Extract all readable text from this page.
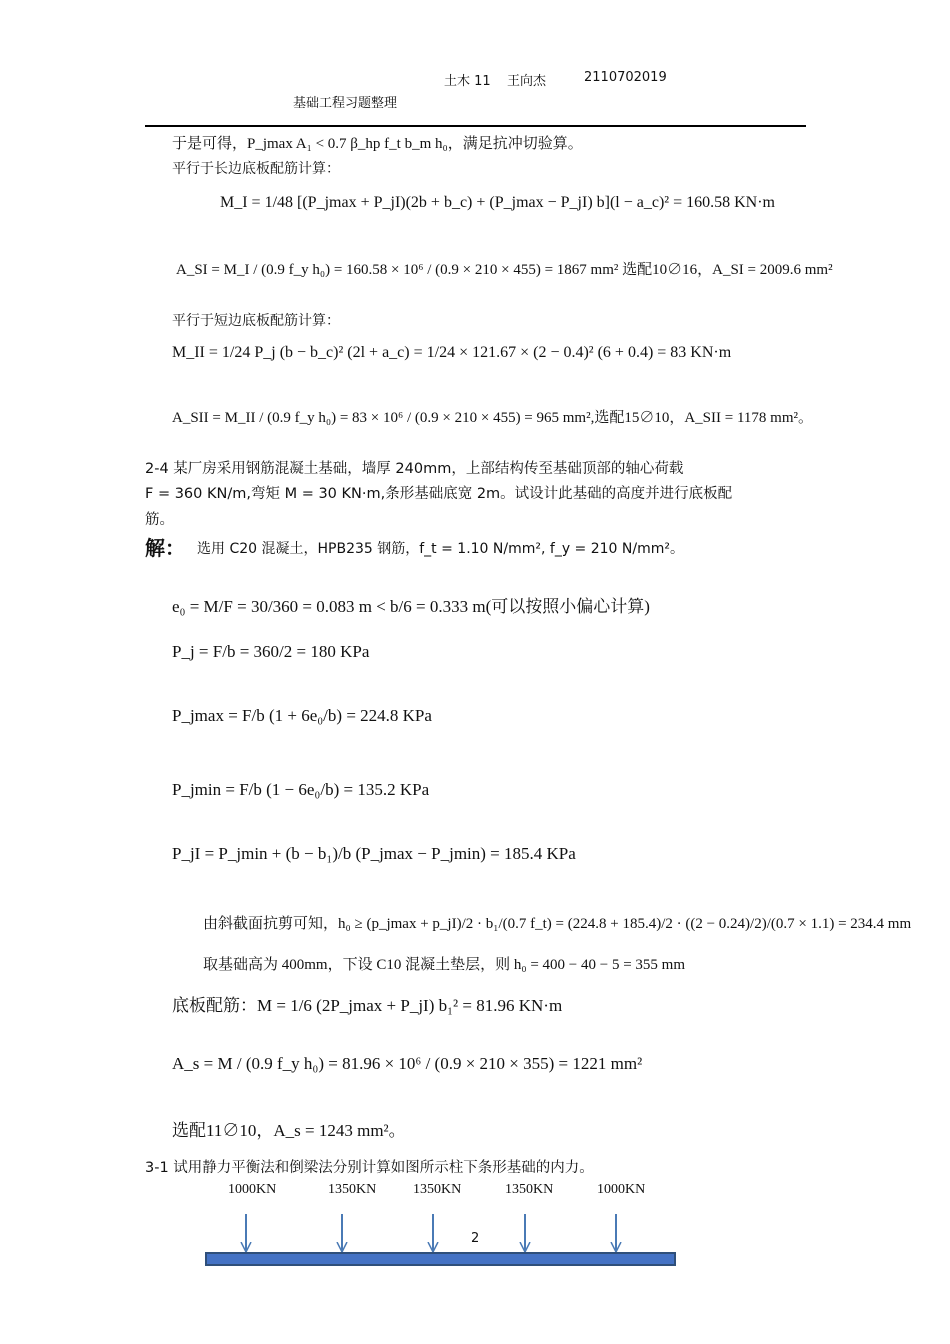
土木 11 王向杰	2110702019
基础工程习题整理
于是可得，P_jmax A₁ < 0.7 β_hp f_t b_m h₀，满足抗冲切验算。
平行于长边底板配筋计算：
M_I = 1/48 [(P_jmax + P_jI)(2b + b_c) + (P_jmax − P_jI) b](l − a_c)² = 160.58 KN·m
A_SI = M_I / (0.9 f_y h₀) = 160.58 × 10⁶ / (0.9 × 210 × 455) = 1867 mm² 选配10∅16，A_SI = 2009.6 mm²
平行于短边底板配筋计算：
M_II = 1/24 P_j (b − b_c)² (2l + a_c) = 1/24 × 121.67 × (2 − 0.4)² (6 + 0.4) = 83 KN·m
A_SII = M_II / (0.9 f_y h₀) = 83 × 10⁶ / (0.9 × 210 × 455) = 965 mm²,选配15∅10，A_SII = 1178 mm²。
2-4 某厂房采用钢筋混凝土基础，墙厚 240mm，上部结构传至基础顶部的轴心荷载
F = 360 KN/m,弯矩 M = 30 KN·m,条形基础底宽 2m。试设计此基础的高度并进行底板配
筋。
解： 选用 C20 混凝土，HPB235 钢筋，f_t = 1.10 N/mm², f_y = 210 N/mm²。
e₀ = M/F = 30/360 = 0.083 m < b/6 = 0.333 m(可以按照小偏心计算)
P_j = F/b = 360/2 = 180 KPa
P_jmax = F/b (1 + 6e₀/b) = 224.8 KPa
P_jmin = F/b (1 − 6e₀/b) = 135.2 KPa
P_jI = P_jmin + (b − b₁)/b (P_jmax − P_jmin) = 185.4 KPa
由斜截面抗剪可知，h₀ ≥ (p_jmax + p_jI)/2 · b₁/(0.7 f_t) = (224.8 + 185.4)/2 · ((2 − 0.24)/2)/(0.7 × 1.1) = 234.4 mm
取基础高为 400mm，下设 C10 混凝土垫层，则 h₀ = 400 − 40 − 5 = 355 mm
底板配筋：M = 1/6 (2P_jmax + P_jI) b₁² = 81.96 KN·m
A_s = M / (0.9 f_y h₀) = 81.96 × 10⁶ / (0.9 × 210 × 355) = 1221 mm²
选配11∅10，A_s = 1243 mm²。
3-1 试用静力平衡法和倒梁法分别计算如图所示柱下条形基础的内力。
1000KN	1350KN	1350KN	1350KN	1000KN
2
